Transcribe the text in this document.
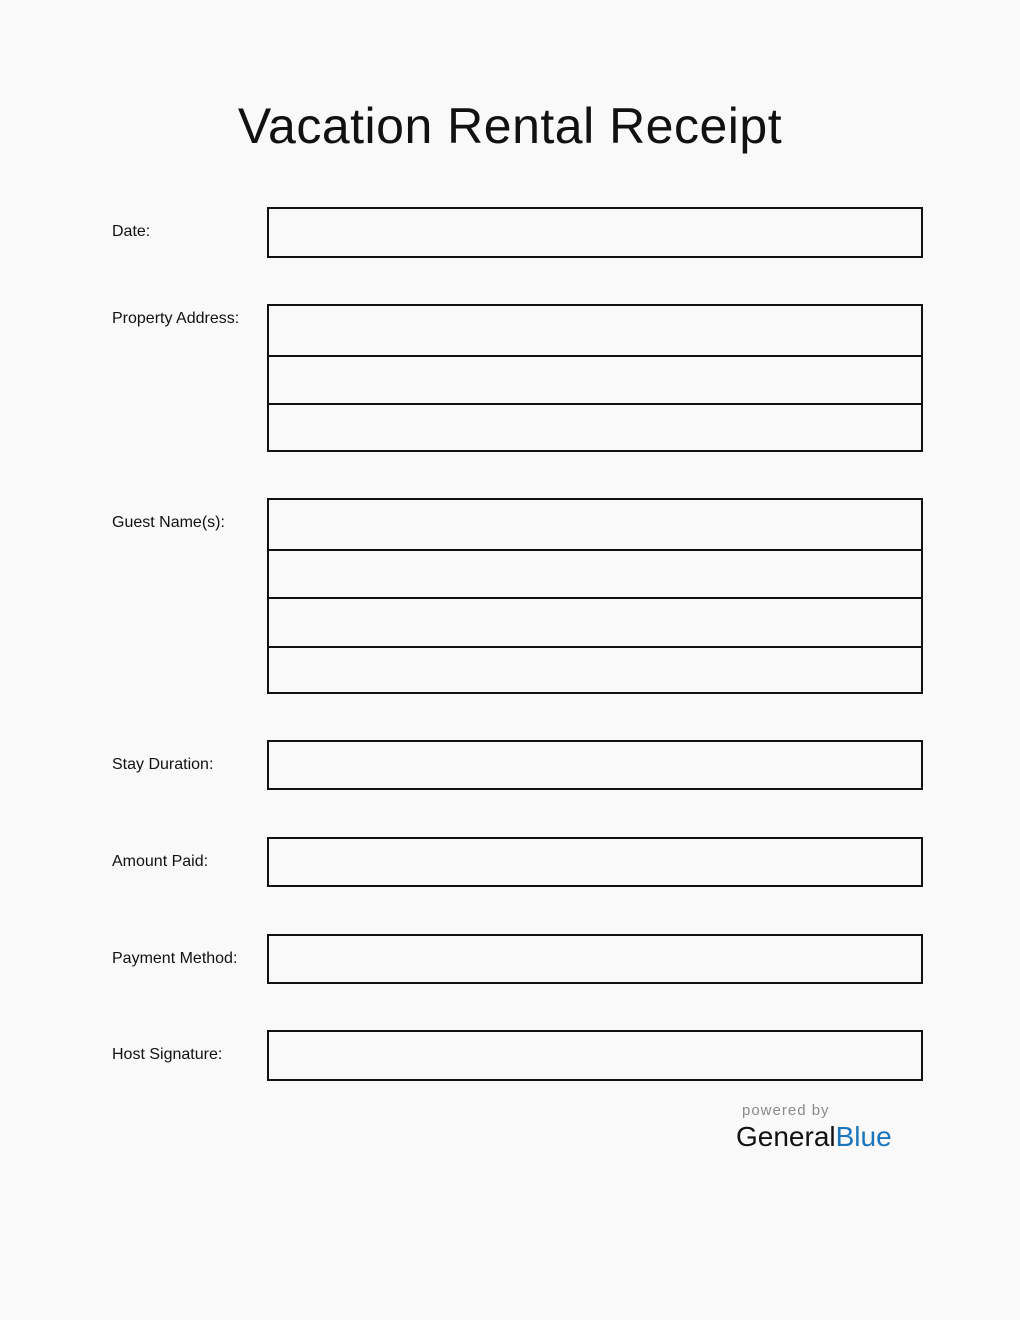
Vacation Rental Receipt
Date:
Property Address:
Guest Name(s):
Stay Duration:
Amount Paid:
Payment Method:
Host Signature:
powered by
GeneralBlue
